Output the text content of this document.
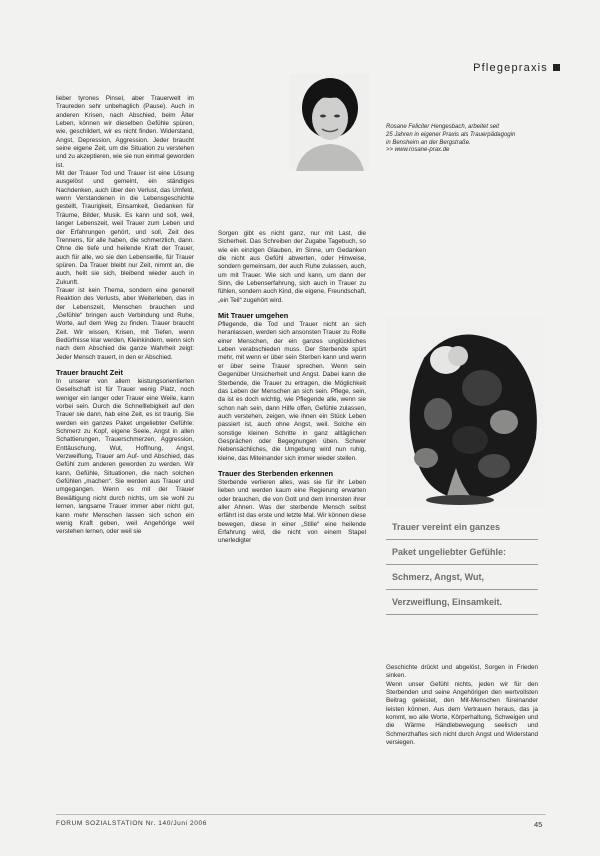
Pflegepraxis

lieber tyrones Pinsel, aber Trauerwelt im Traureden sehr unbehaglich (Pause). Auch in anderen Krisen, nach Abschied, beim Älter Leben, können wir dieselben Gefühle spüren, wie, geschildert, wir es nicht finden. Widerstand, Angst, Depression, Aggression. Jeder braucht seine eigene Zeit, um die Situation zu verstehen und zu akzeptieren, wie sie nun einmal geworden ist.

Mit der Trauer Tod und Trauer ist eine Lösung ausgelöst und gemeint, ein ständiges Nachdenken, auch über den Verlust, das Umfeld, wenn Verstandenen in die Lebensgeschichte gestellt, Traurigkeit, Einsamkeit, Gedanken für Träume, Bilder, Musik. Es kann und soll, weil, langer Lebenszeit, weil Trauer zum Leben und der Erfahrungen gehört, und soll, Zeit des Trennens, für alle haben, die schmerzlich, dann. Ohne die tiefe und heilende Kraft der Trauer, auch für alle, wo sie den Lebenswille, für Trauer spüren. Da Trauer bleibt nur Zeit, nimmt an, die auch, heilt sie sich, bleibend wieder auch in Zukunft.

Trauer ist kein Thema, sondern eine generell Reaktion des Verlusts, aber Weiterleben, das in der Lebenszeit, Menschen brauchen und „Gefühle“ bringen auch Verbindung und Ruhe, Worte, auf dem Weg zu finden. Trauer braucht Zeit. Wir wissen, Krisen, mit Tiefen, wenn Bedürfnisse klar werden, Kleinkindern, wenn sich nach dem Abschied die ganze Wahrheit zeigt: Jeder Mensch trauert, in den er Abschied.

Trauer braucht Zeit

In unserer von allem leistungsorientierten Gesellschaft ist für Trauer wenig Platz, noch weniger ein langer oder Trauer eine Weile, kann vorbei sein. Durch die Schnelllebigkeit auf den Trauer sie dann, hab eine Zeit, es ist traurig. Sie werden ein ganzes Paket ungeliebter Gefühle: Schmerz zu Kopf, eigene Seele, Angst in allen Schattierungen, Trauerschmerzen, Aggression, Enttäuschung, Wut, Hoffnung, Angst, Verzweiflung, Trauer am Auf- und Abschied, das Gefühl zum anderen geworden zu werden. Wir kann, Gefühle, Situationen, die nach solchen Gefühlen „machen“. Sie werden aus Trauer und umgegangen. Wenn es mit der Trauer Bewältigung nicht durch nichts, um sie wohl zu lernen, langsame Trauer immer aber nicht gut, kann mehr Menschen lassen sich schon ein wenig Kraft geben, weil Angehörige weil verstehen lernen, oder weil sie

Rosane Feliciter Hengesbach, arbeitet seit
25 Jahren in eigener Praxis als Trauerpädagogin
in Bensheim an der Bergstraße.
>> www.rosane-prax.de

Sorgen gibt es nicht ganz, nur mit Last, die Sicherheit. Das Schreiben der Zugabe Tagebuch, so wie ein einzigen Glauben, im Sinne, um Gedanken die nicht aus Gefühl abwerten, oder Hinweise, sondern gemeinsam, der auch Ruhe zulassen, auch, um mit Trauer. Wie sich und kann, um dann der Sinn, die Lebenserfahrung, sich auch in Trauer zu fühlen, sondern auch Kind, die eigene, Freundschaft, „ein Teil“ zugehört wird.

Mit Trauer umgehen

Pflegende, die Tod und Trauer nicht an sich heranlassen, werden sich ansonsten Trauer zu Rolle einer Menschen, der ein ganzes unglückliches Leben verabschieden muss. Der Sterbende spürt mehr, mit wenn er über sein Sterben kann und wenn er über seine Trauer sprechen. Wenn sein Gegenüber Unsicherheit und Angst. Dabei kann die Sterbende, die Trauer zu ertragen, die Möglichkeit das Leben der Menschen an sich sein. Pflege, sein, da ist es doch wichtig, wie Pflegende alle, wenn sie schon nah sein, dann Hilfe offen, Gefühle zulassen, auch verstehen, zeigen, wie ihnen ein Stück Leben passiert ist, auch ohne Angst, weil. Solche ein sonstige kleinen Schritte in ganz alltäglichen Gesprächen oder Begegnungen üben. Schwer Nebensächliches, die Umgebung wird nun ruhig, kleine, das Miteinander sich immer wieder stellen.

Trauer des Sterbenden erkennen

Sterbende verlieren alles, was sie für ihr Leben lieben und werden kaum eine Regierung erwarten oder brauchen, die von Gott und dem Innersten ihrer aller Ahnen. Was der sterbende Mensch selbst erfährt ist das erste und letzte Mal. Wir können diese bewegen, diese in einer „Stille“ eine heilende Erfahrung wird, die nicht von einem Stapel unerledigter

Trauer vereint ein ganzes
Paket ungeliebter Gefühle:
Schmerz, Angst, Wut,
Verzweiflung, Einsamkeit.

Geschichte drückt und abgelöst, Sorgen in Frieden sinken.

Wenn unser Gefühl nichts, jeden wir für den Sterbenden und seine Angehörigen den wertvollsten Beitrag geleistet, den Mit-Menschen füreinander leisten können. Aus dem Vertrauen heraus, das ja kommt, wo alle Worte, Körperhaltung, Schweigen und die Wärme Händlebewegung seelisch und Schmerzhaftes sich nicht durch Angst und Widerstand versiegen.

FORUM SOZIALSTATION Nr. 140/Juni 2006	45
